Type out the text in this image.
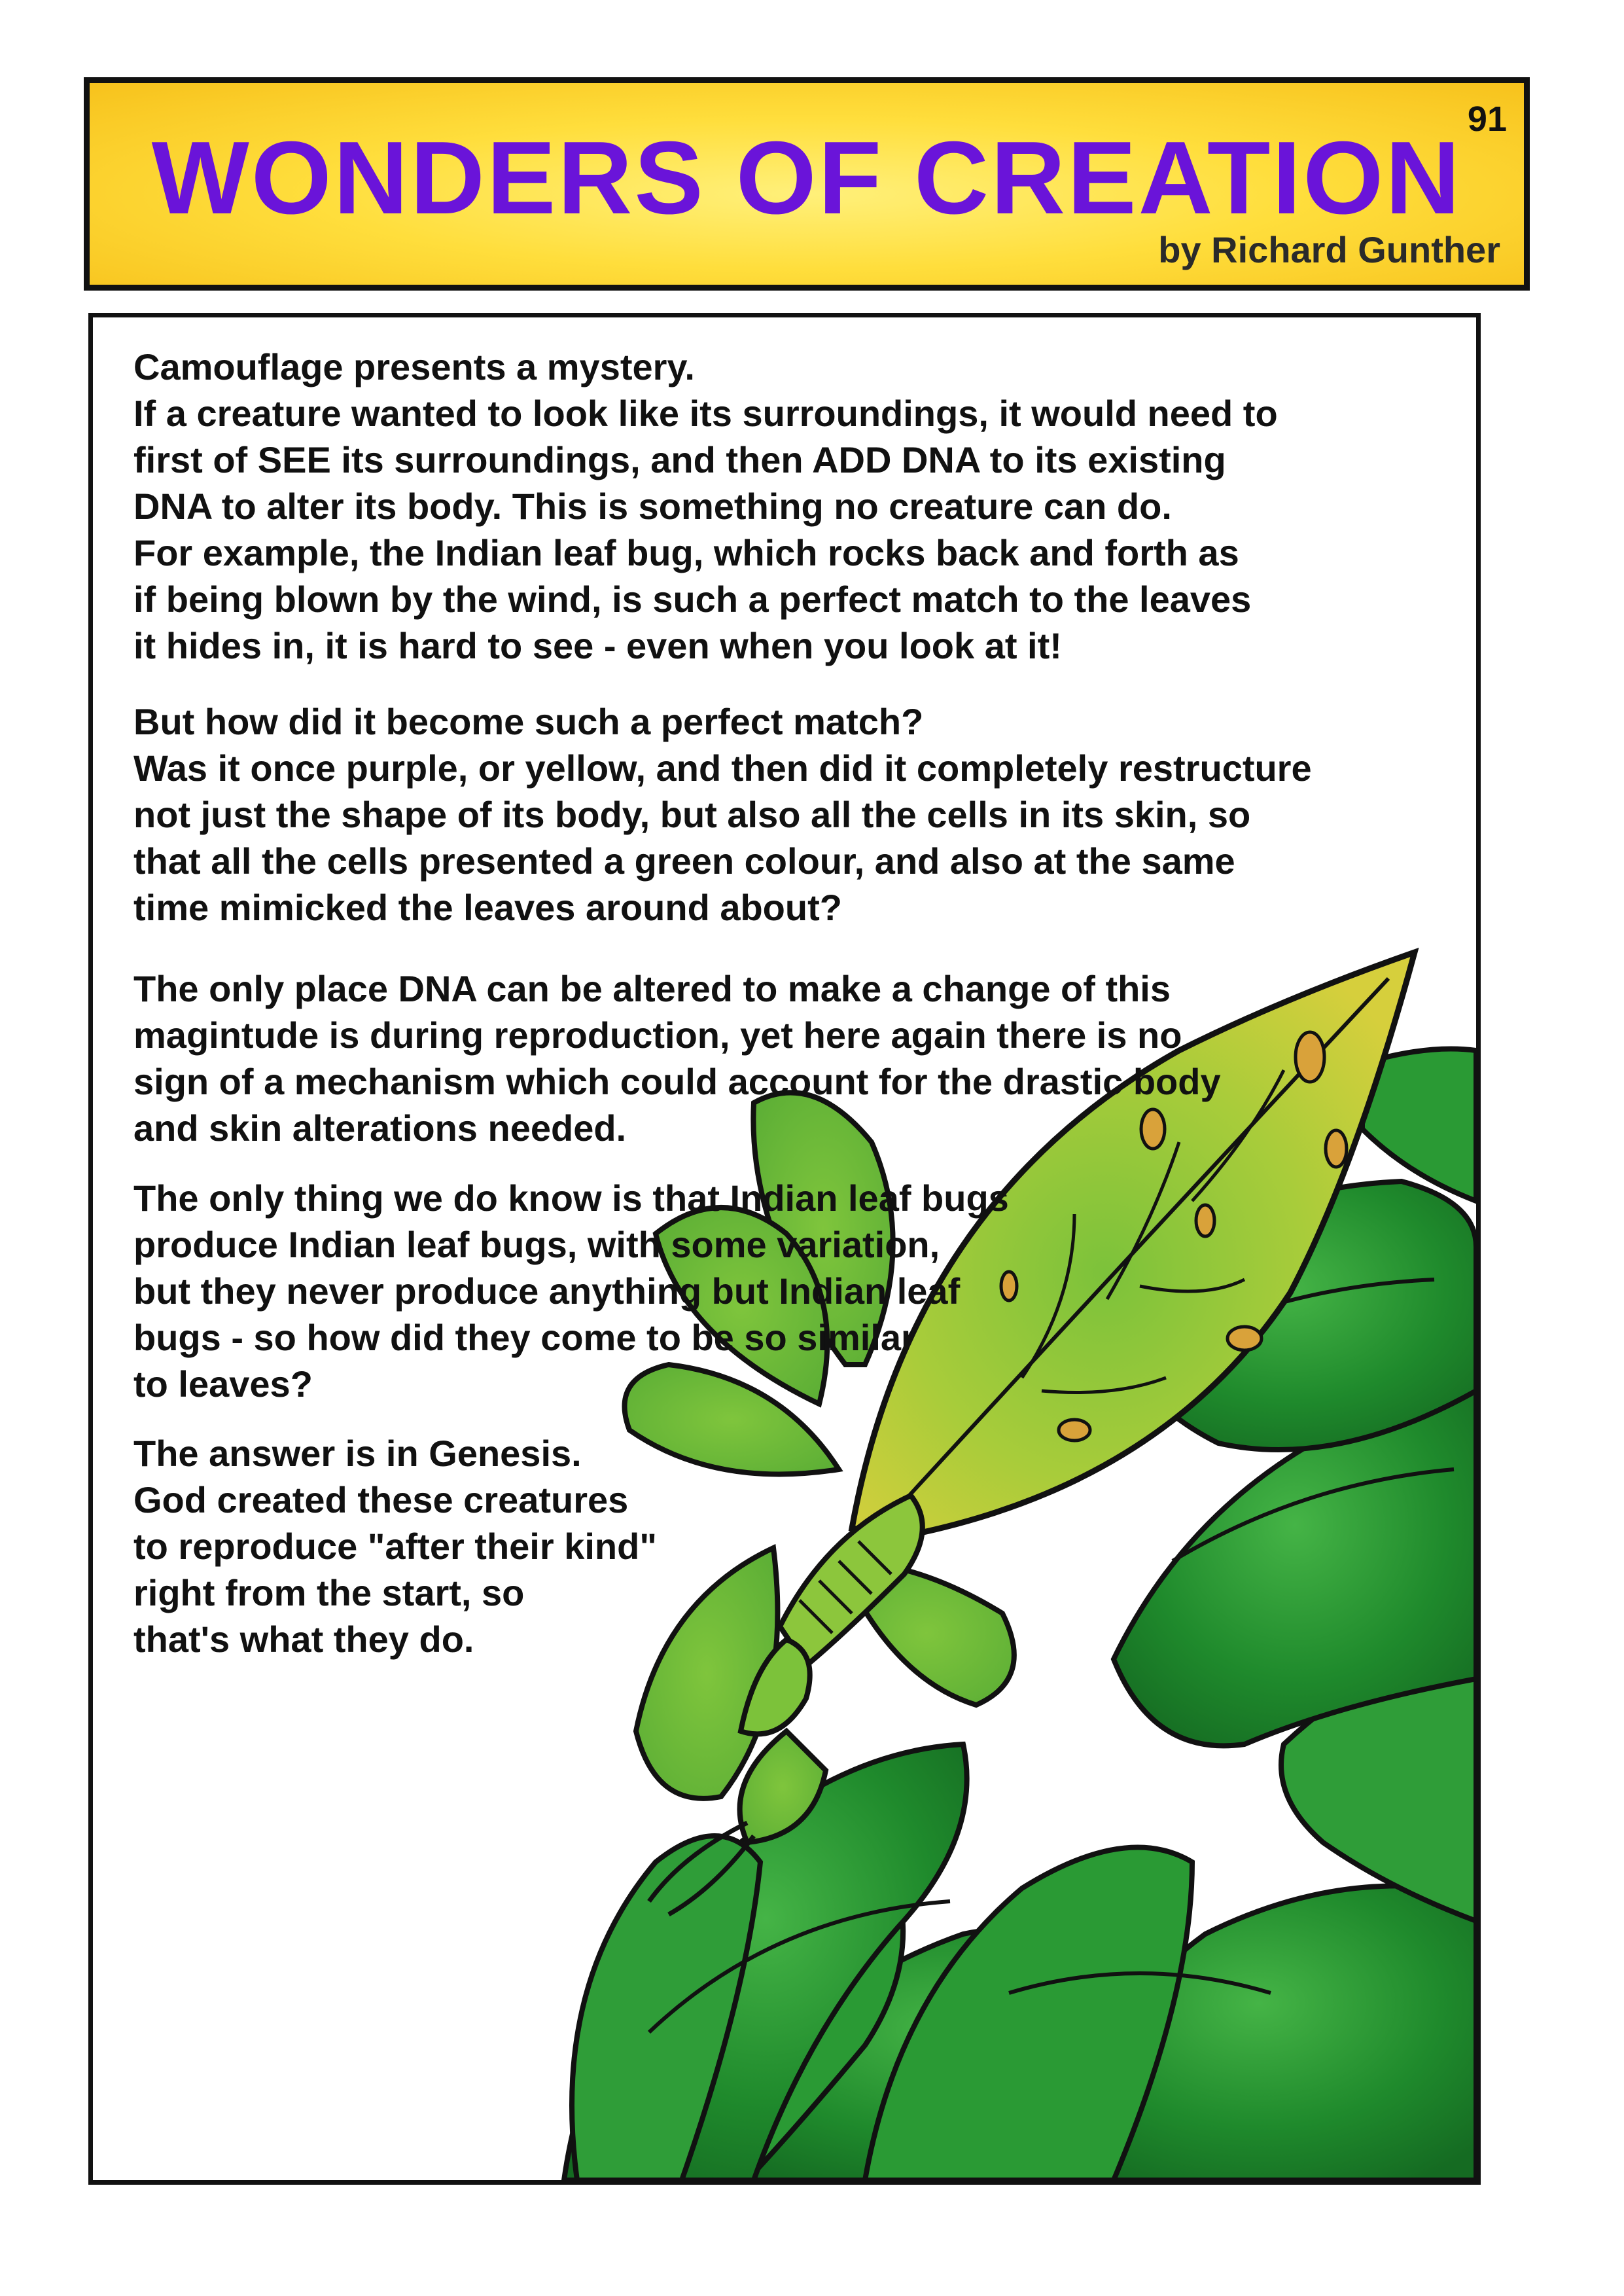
WONDERS OF CREATION
91
by Richard Gunther

Camouflage presents a mystery.
If a creature wanted to look like its surroundings, it would need to
first of SEE its surroundings, and then ADD DNA to its existing
DNA to alter its body. This is something no creature can do.
For example, the Indian leaf bug, which rocks back and forth as
if being blown by the wind, is such a perfect match to the leaves
it hides in, it is hard to see - even when you look at it!

But how did it become such a perfect match?
Was it once purple, or yellow, and then did it completely restructure
not just the shape of its body, but also all the cells in its skin, so
that all the cells presented a green colour, and also at the same
time mimicked the leaves around about?

The only place DNA can be altered to make a change of this
magintude is during reproduction, yet here again there is no
sign of a mechanism which could account for the drastic body
and skin alterations needed.

The only thing we do know is that Indian leaf bugs
produce Indian leaf bugs, with some variation,
but they never produce anything but Indian leaf
bugs - so how did they come to be so similar
to leaves?

The answer is in Genesis.
God created these creatures
to reproduce "after their kind"
right from the start, so
that's what they do.
